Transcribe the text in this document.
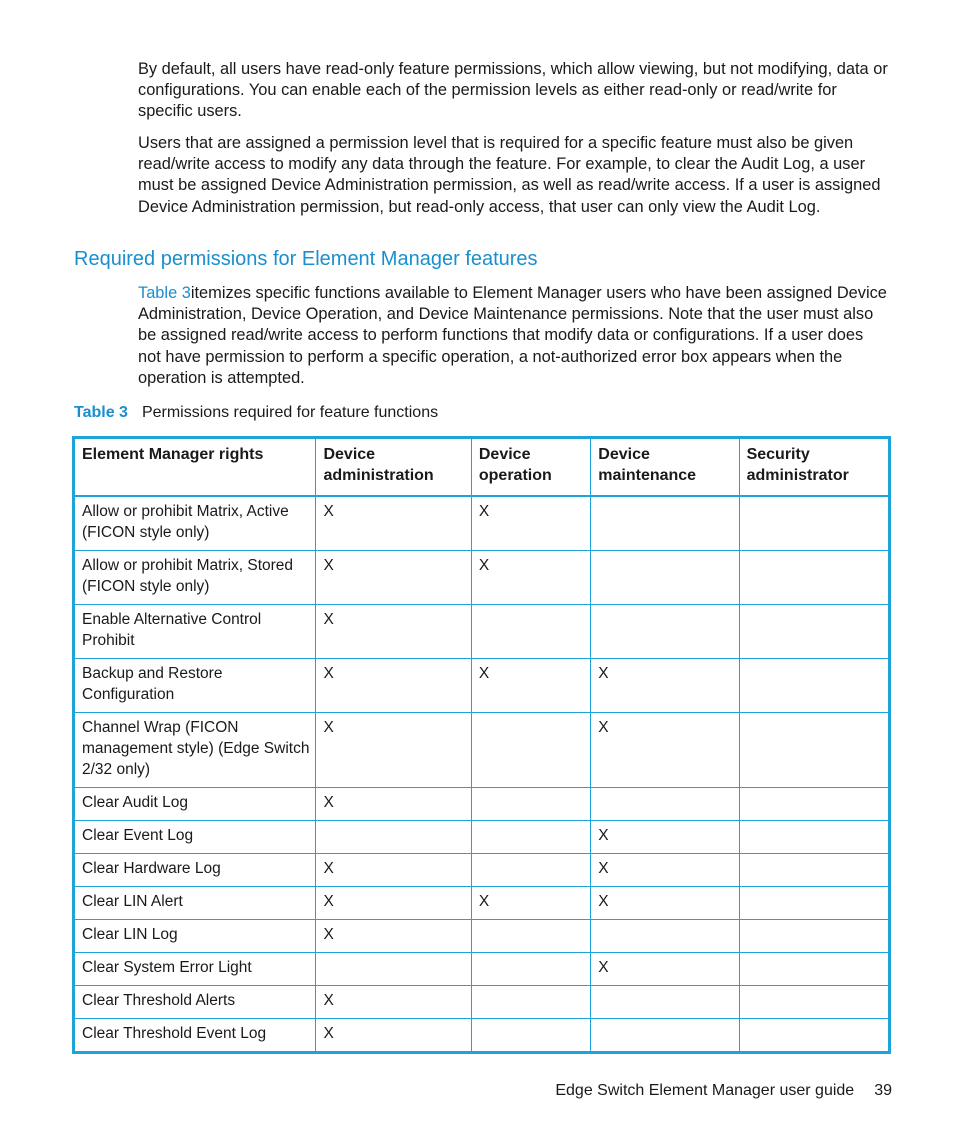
By default, all users have read-only feature permissions, which allow viewing, but not modifying, data or configurations. You can enable each of the permission levels as either read-only or read/write for specific users.

Users that are assigned a permission level that is required for a specific feature must also be given read/write access to modify any data through the feature. For example, to clear the Audit Log, a user must be assigned Device Administration permission, as well as read/write access. If a user is assigned Device Administration permission, but read-only access, that user can only view the Audit Log.

Required permissions for Element Manager features

Table 3itemizes specific functions available to Element Manager users who have been assigned Device Administration, Device Operation, and Device Maintenance permissions. Note that the user must also be assigned read/write access to perform functions that modify data or configurations. If a user does not have permission to perform a specific operation, a not-authorized error box appears when the operation is attempted.

Table 3 Permissions required for feature functions
Element Manager rights	Device administration	Device operation	Device maintenance	Security administrator
Allow or prohibit Matrix, Active (FICON style only)	X	X		
Allow or prohibit Matrix, Stored (FICON style only)	X	X		
Enable Alternative Control Prohibit	X			
Backup and Restore Configuration	X	X	X	
Channel Wrap (FICON management style) (Edge Switch 2/32 only)	X		X	
Clear Audit Log	X			
Clear Event Log			X	
Clear Hardware Log	X		X	
Clear LIN Alert	X	X	X	
Clear LIN Log	X			
Clear System Error Light			X	
Clear Threshold Alerts	X			
Clear Threshold Event Log	X			
Edge Switch Element Manager user guide 39
